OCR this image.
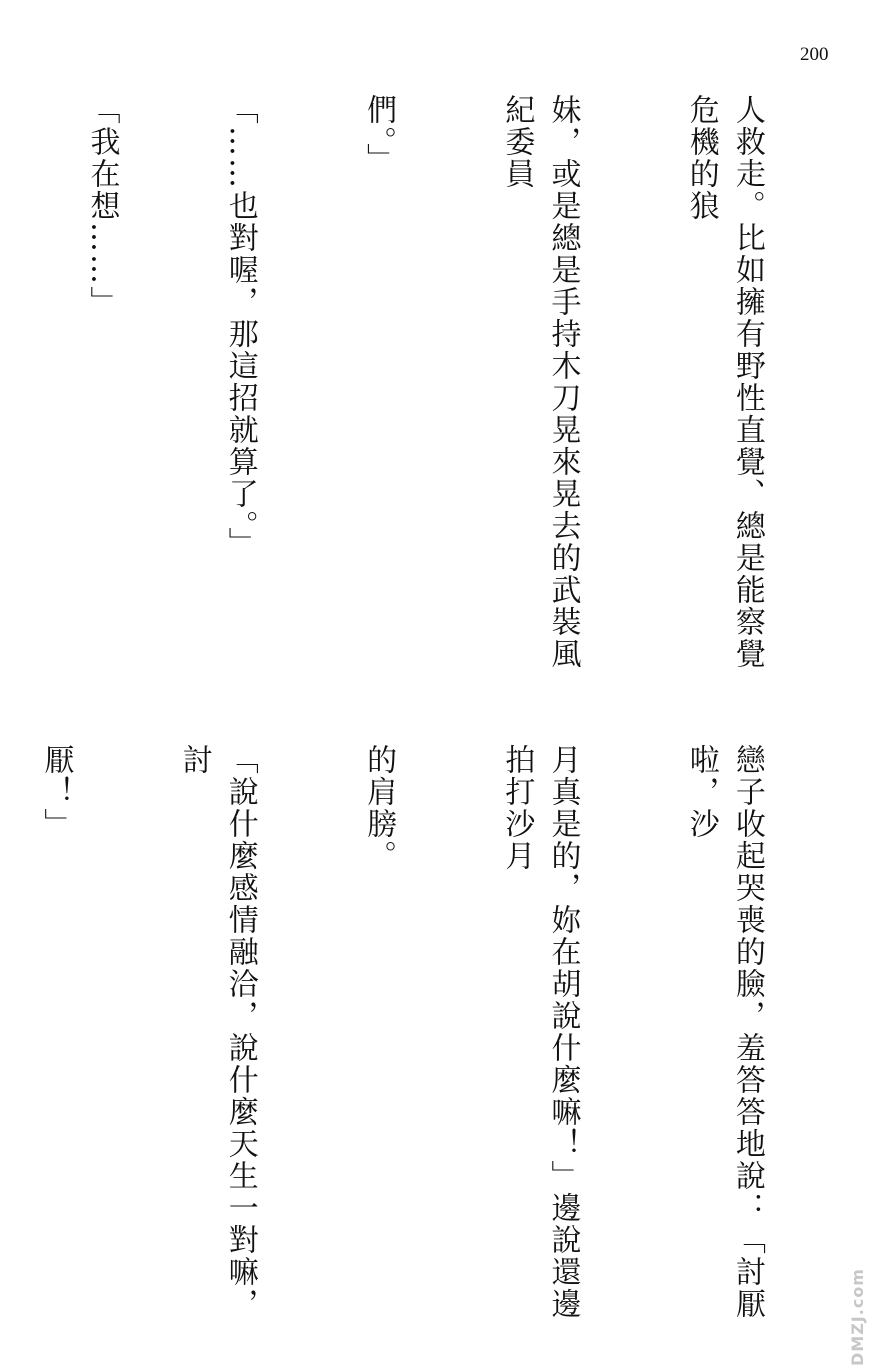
200

人救走。比如擁有野性直覺、總是能察覺危機的狼

妹，或是總是手持木刀晃來晃去的武裝風紀委員

們。」

「……也對喔，那這招就算了。」

「我在想……」

戀子收起哭喪的臉，羞答答地說：「討厭啦，沙

月真是的，妳在胡說什麼嘛！」邊說還邊拍打沙月

的肩膀。

「說什麼感情融洽，說什麼天生一對嘛，討

厭！」

DMZJ.com
